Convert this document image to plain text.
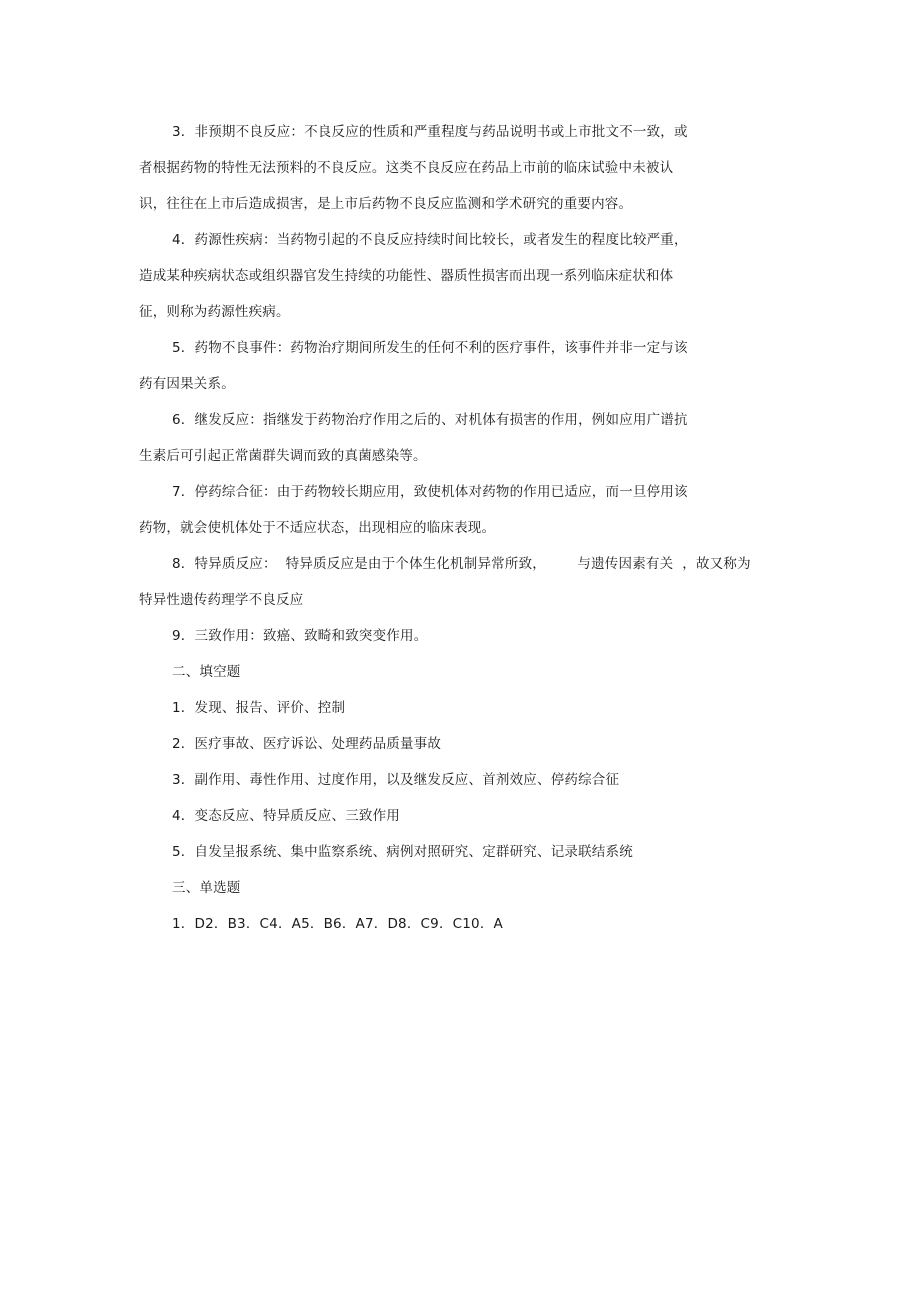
3．非预期不良反应：不良反应的性质和严重程度与药品说明书或上市批文不一致，或
者根据药物的特性无法预料的不良反应。这类不良反应在药品上市前的临床试验中未被认
识，往往在上市后造成损害，是上市后药物不良反应监测和学术研究的重要内容。
4．药源性疾病：当药物引起的不良反应持续时间比较长，或者发生的程度比较严重，
造成某种疾病状态或组织器官发生持续的功能性、器质性损害而出现一系列临床症状和体
征，则称为药源性疾病。
5．药物不良事件：药物治疗期间所发生的任何不利的医疗事件，该事件并非一定与该
药有因果关系。
6．继发反应：指继发于药物治疗作用之后的、对机体有损害的作用，例如应用广谱抗
生素后可引起正常菌群失调而致的真菌感染等。
7．停药综合征：由于药物较长期应用，致使机体对药物的作用已适应，而一旦停用该
药物，就会使机体处于不适应状态，出现相应的临床表现。
8．特异质反应：  特异质反应是由于个体生化机制异常所致，       与遗传因素有关  ，故又称为
特异性遗传药理学不良反应
9．三致作用：致癌、致畸和致突变作用。
二、填空题
1．发现、报告、评价、控制
2．医疗事故、医疗诉讼、处理药品质量事故
3．副作用、毒性作用、过度作用，以及继发反应、首剂效应、停药综合征
4．变态反应、特异质反应、三致作用
5．自发呈报系统、集中监察系统、病例对照研究、定群研究、记录联结系统
三、单选题
1．D2．B3．C4．A5．B6．A7．D8．C9．C10．A
